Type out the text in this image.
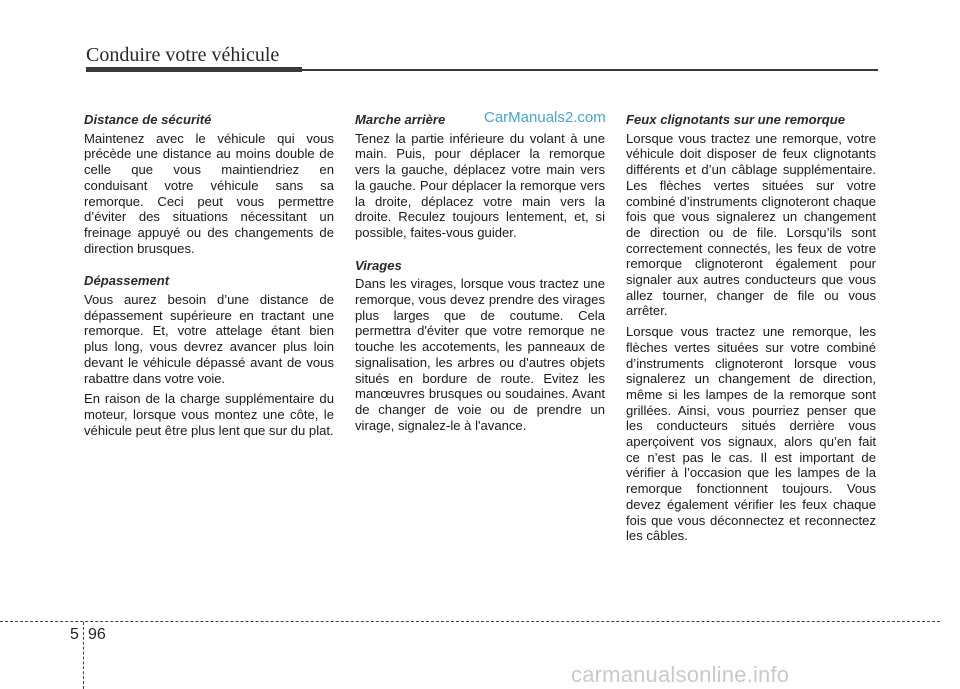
Conduire votre véhicule
Distance de sécurité

Maintenez avec le véhicule qui vous précède une distance au moins double de celle que vous maintiendriez en conduisant votre véhicule sans sa remorque. Ceci peut vous permettre d’éviter des situations nécessitant un freinage appuyé ou des changements de direction brusques.

Dépassement

Vous aurez besoin d’une distance de dépassement supérieure en tractant une remorque. Et, votre attelage étant bien plus long, vous devrez avancer plus loin devant le véhicule dépassé avant de vous rabattre dans votre voie.

En raison de la charge supplémentaire du moteur, lorsque vous montez une côte, le véhicule peut être plus lent que sur du plat.

Marche arrière

Tenez la partie inférieure du volant à une main. Puis, pour déplacer la remorque vers la gauche, déplacez votre main vers la gauche. Pour déplacer la remorque vers la droite, déplacez votre main vers la droite. Reculez toujours lentement, et, si possible, faites-vous guider.

Virages

Dans les virages, lorsque vous tractez une remorque, vous devez prendre des virages plus larges que de coutume. Cela permettra d'éviter que votre remorque ne touche les accotements, les panneaux de signalisation, les arbres ou d'autres objets situés en bordure de route. Evitez les manœuvres brusques ou soudaines. Avant de changer de voie ou de prendre un virage, signalez-le à l'avance.

Feux clignotants sur une remorque

Lorsque vous tractez une remorque, votre véhicule doit disposer de feux clignotants différents et d’un câblage supplémentaire. Les flèches vertes situées sur votre combiné d’instruments clignoteront chaque fois que vous signalerez un changement de direction ou de file. Lorsqu’ils sont correctement connectés, les feux de votre remorque clignoteront également pour signaler aux autres conducteurs que vous allez tourner, changer de file ou vous arrêter.

Lorsque vous tractez une remorque, les flèches vertes situées sur votre combiné d’instruments clignoteront lorsque vous signalerez un changement de direction, même si les lampes de la remorque sont grillées. Ainsi, vous pourriez penser que les conducteurs situés derrière vous aperçoivent vos signaux, alors qu’en fait ce n’est pas le cas. Il est important de vérifier à l’occasion que les lampes de la remorque fonctionnent toujours. Vous devez également vérifier les feux chaque fois que vous déconnectez et reconnectez les câbles.

CarManuals2.com
5 96
carmanualsonline.info
